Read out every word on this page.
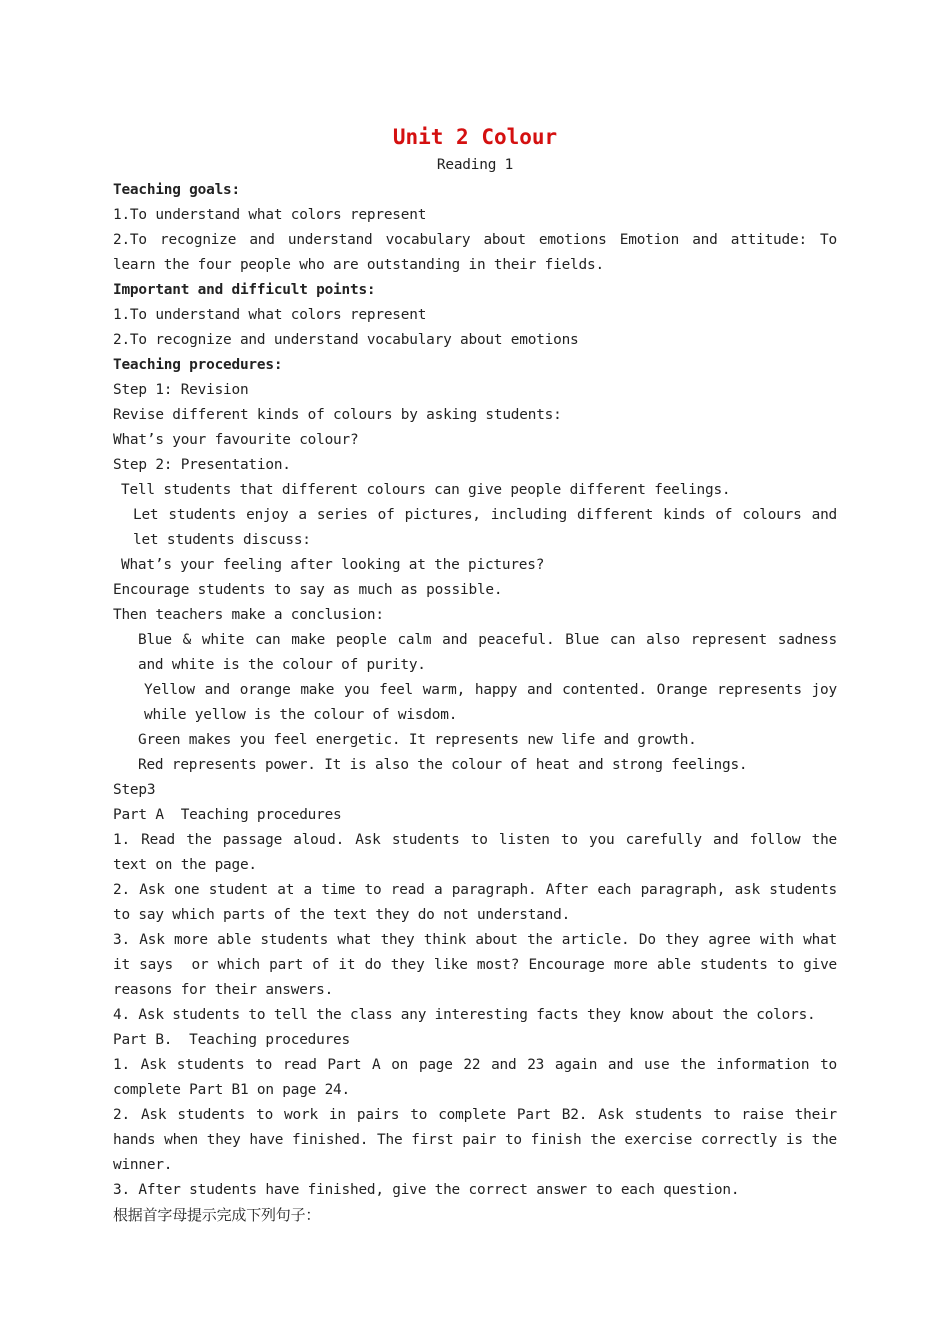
Unit 2 Colour
Reading 1
Teaching goals:
1.To understand what colors represent
2.To recognize and understand vocabulary about emotions Emotion and attitude: To learn the four people who are outstanding in their fields.
Important and difficult points:
1.To understand what colors represent
2.To recognize and understand vocabulary about emotions
Teaching procedures:
Step 1: Revision
Revise different kinds of colours by asking students:
What’s your favourite colour?
Step 2: Presentation.
Tell students that different colours can give people different feelings.
Let students enjoy a series of pictures, including different kinds of colours and let students discuss:
What’s your feeling after looking at the pictures?
Encourage students to say as much as possible.
Then teachers make a conclusion:
Blue & white can make people calm and peaceful. Blue can also represent sadness and white is the colour of purity.
Yellow and orange make you feel warm, happy and contented. Orange represents joy while yellow is the colour of wisdom.
Green makes you feel energetic. It represents new life and growth.
Red represents power. It is also the colour of heat and strong feelings.
Step3
Part A  Teaching procedures
1. Read the passage aloud. Ask students to listen to you carefully and follow the text on the page.
2. Ask one student at a time to read a paragraph. After each paragraph, ask students to say which parts of the text they do not understand.
3. Ask more able students what they think about the article. Do they agree with what it says  or which part of it do they like most? Encourage more able students to give reasons for their answers.
4. Ask students to tell the class any interesting facts they know about the colors.
Part B.  Teaching procedures
1. Ask students to read Part A on page 22 and 23 again and use the information to complete Part B1 on page 24.
2. Ask students to work in pairs to complete Part B2. Ask students to raise their hands when they have finished. The first pair to finish the exercise correctly is the winner.
3. After students have finished, give the correct answer to each question.
根据首字母提示完成下列句子：
